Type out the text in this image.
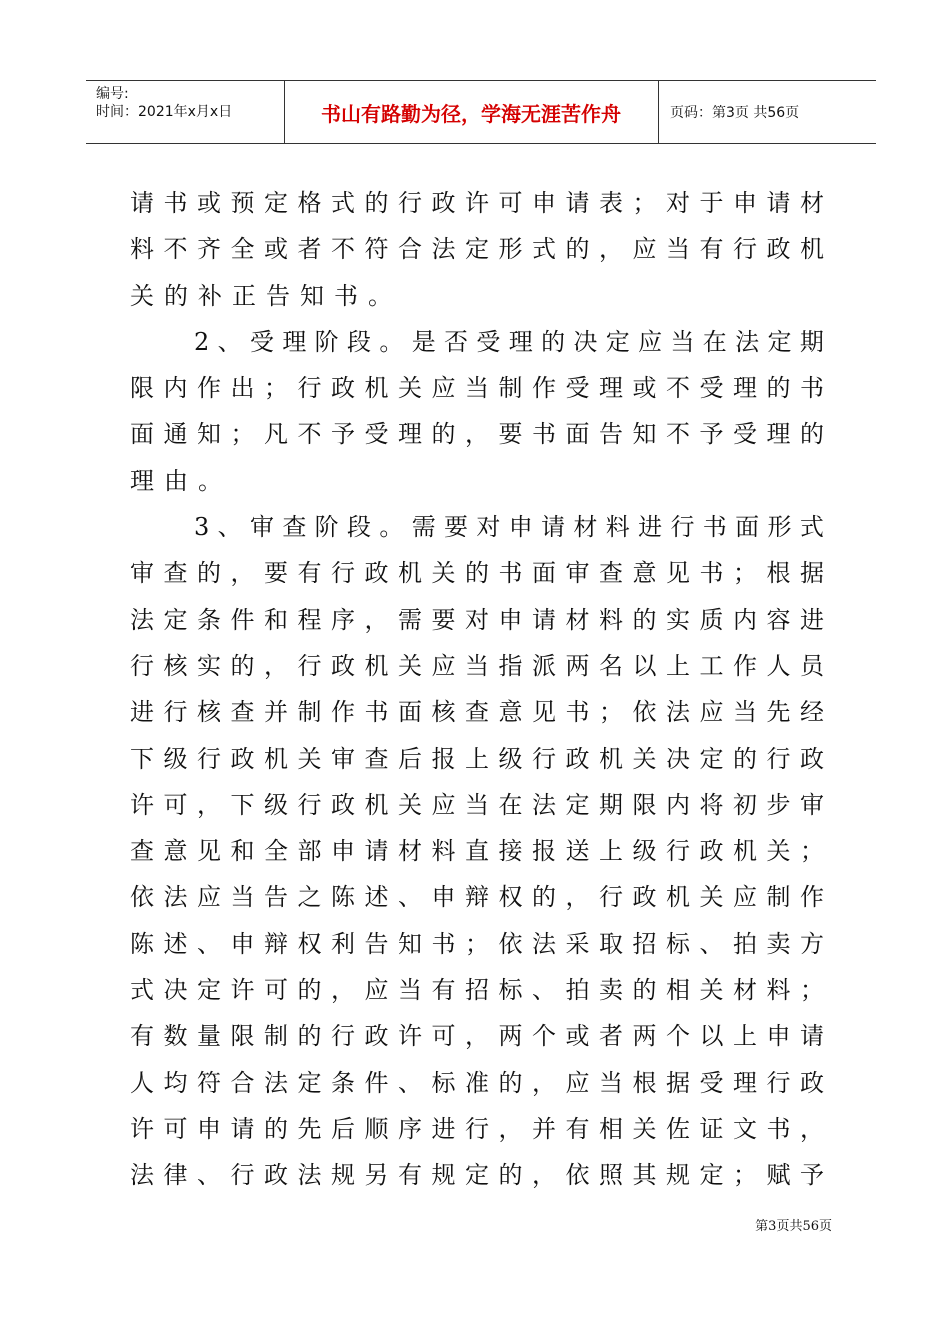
编号:
时间：2021年x月x日	书山有路勤为径，学海无涯苦作舟	页码：第3页 共56页
请 书 或 预 定 格 式 的 行 政 许 可 申 请 表 ； 对 于 申 请 材
料 不 齐 全 或 者 不 符 合 法 定 形 式 的 ， 应 当 有 行 政 机
关的补正告知书。
2 、 受 理 阶 段 。 是 否 受 理 的 决 定 应 当 在 法 定 期
限 内 作 出 ； 行 政 机 关 应 当 制 作 受 理 或 不 受 理 的 书
面 通 知 ； 凡 不 予 受 理 的 ， 要 书 面 告 知 不 予 受 理 的
理由。
3 、 审 查 阶 段 。 需 要 对 申 请 材 料 进 行 书 面 形 式
审 查 的 ， 要 有 行 政 机 关 的 书 面 审 查 意 见 书 ； 根 据
法 定 条 件 和 程 序 ， 需 要 对 申 请 材 料 的 实 质 内 容 进
行 核 实 的 ， 行 政 机 关 应 当 指 派 两 名 以 上 工 作 人 员
进 行 核 查 并 制 作 书 面 核 查 意 见 书 ； 依 法 应 当 先 经
下 级 行 政 机 关 审 查 后 报 上 级 行 政 机 关 决 定 的 行 政
许 可 ， 下 级 行 政 机 关 应 当 在 法 定 期 限 内 将 初 步 审
查 意 见 和 全 部 申 请 材 料 直 接 报 送 上 级 行 政 机 关 ；
依 法 应 当 告 之 陈 述 、 申 辩 权 的 ， 行 政 机 关 应 制 作
陈 述 、 申 辩 权 利 告 知 书 ； 依 法 采 取 招 标 、 拍 卖 方
式 决 定 许 可 的 ， 应 当 有 招 标 、 拍 卖 的 相 关 材 料 ；
有 数 量 限 制 的 行 政 许 可 ， 两 个 或 者 两 个 以 上 申 请
人 均 符 合 法 定 条 件 、 标 准 的 ， 应 当 根 据 受 理 行 政
许 可 申 请 的 先 后 顺 序 进 行 ， 并 有 相 关 佐 证 文 书 ，
法 律 、 行 政 法 规 另 有 规 定 的 ， 依 照 其 规 定 ； 赋 予
第3页共56页
